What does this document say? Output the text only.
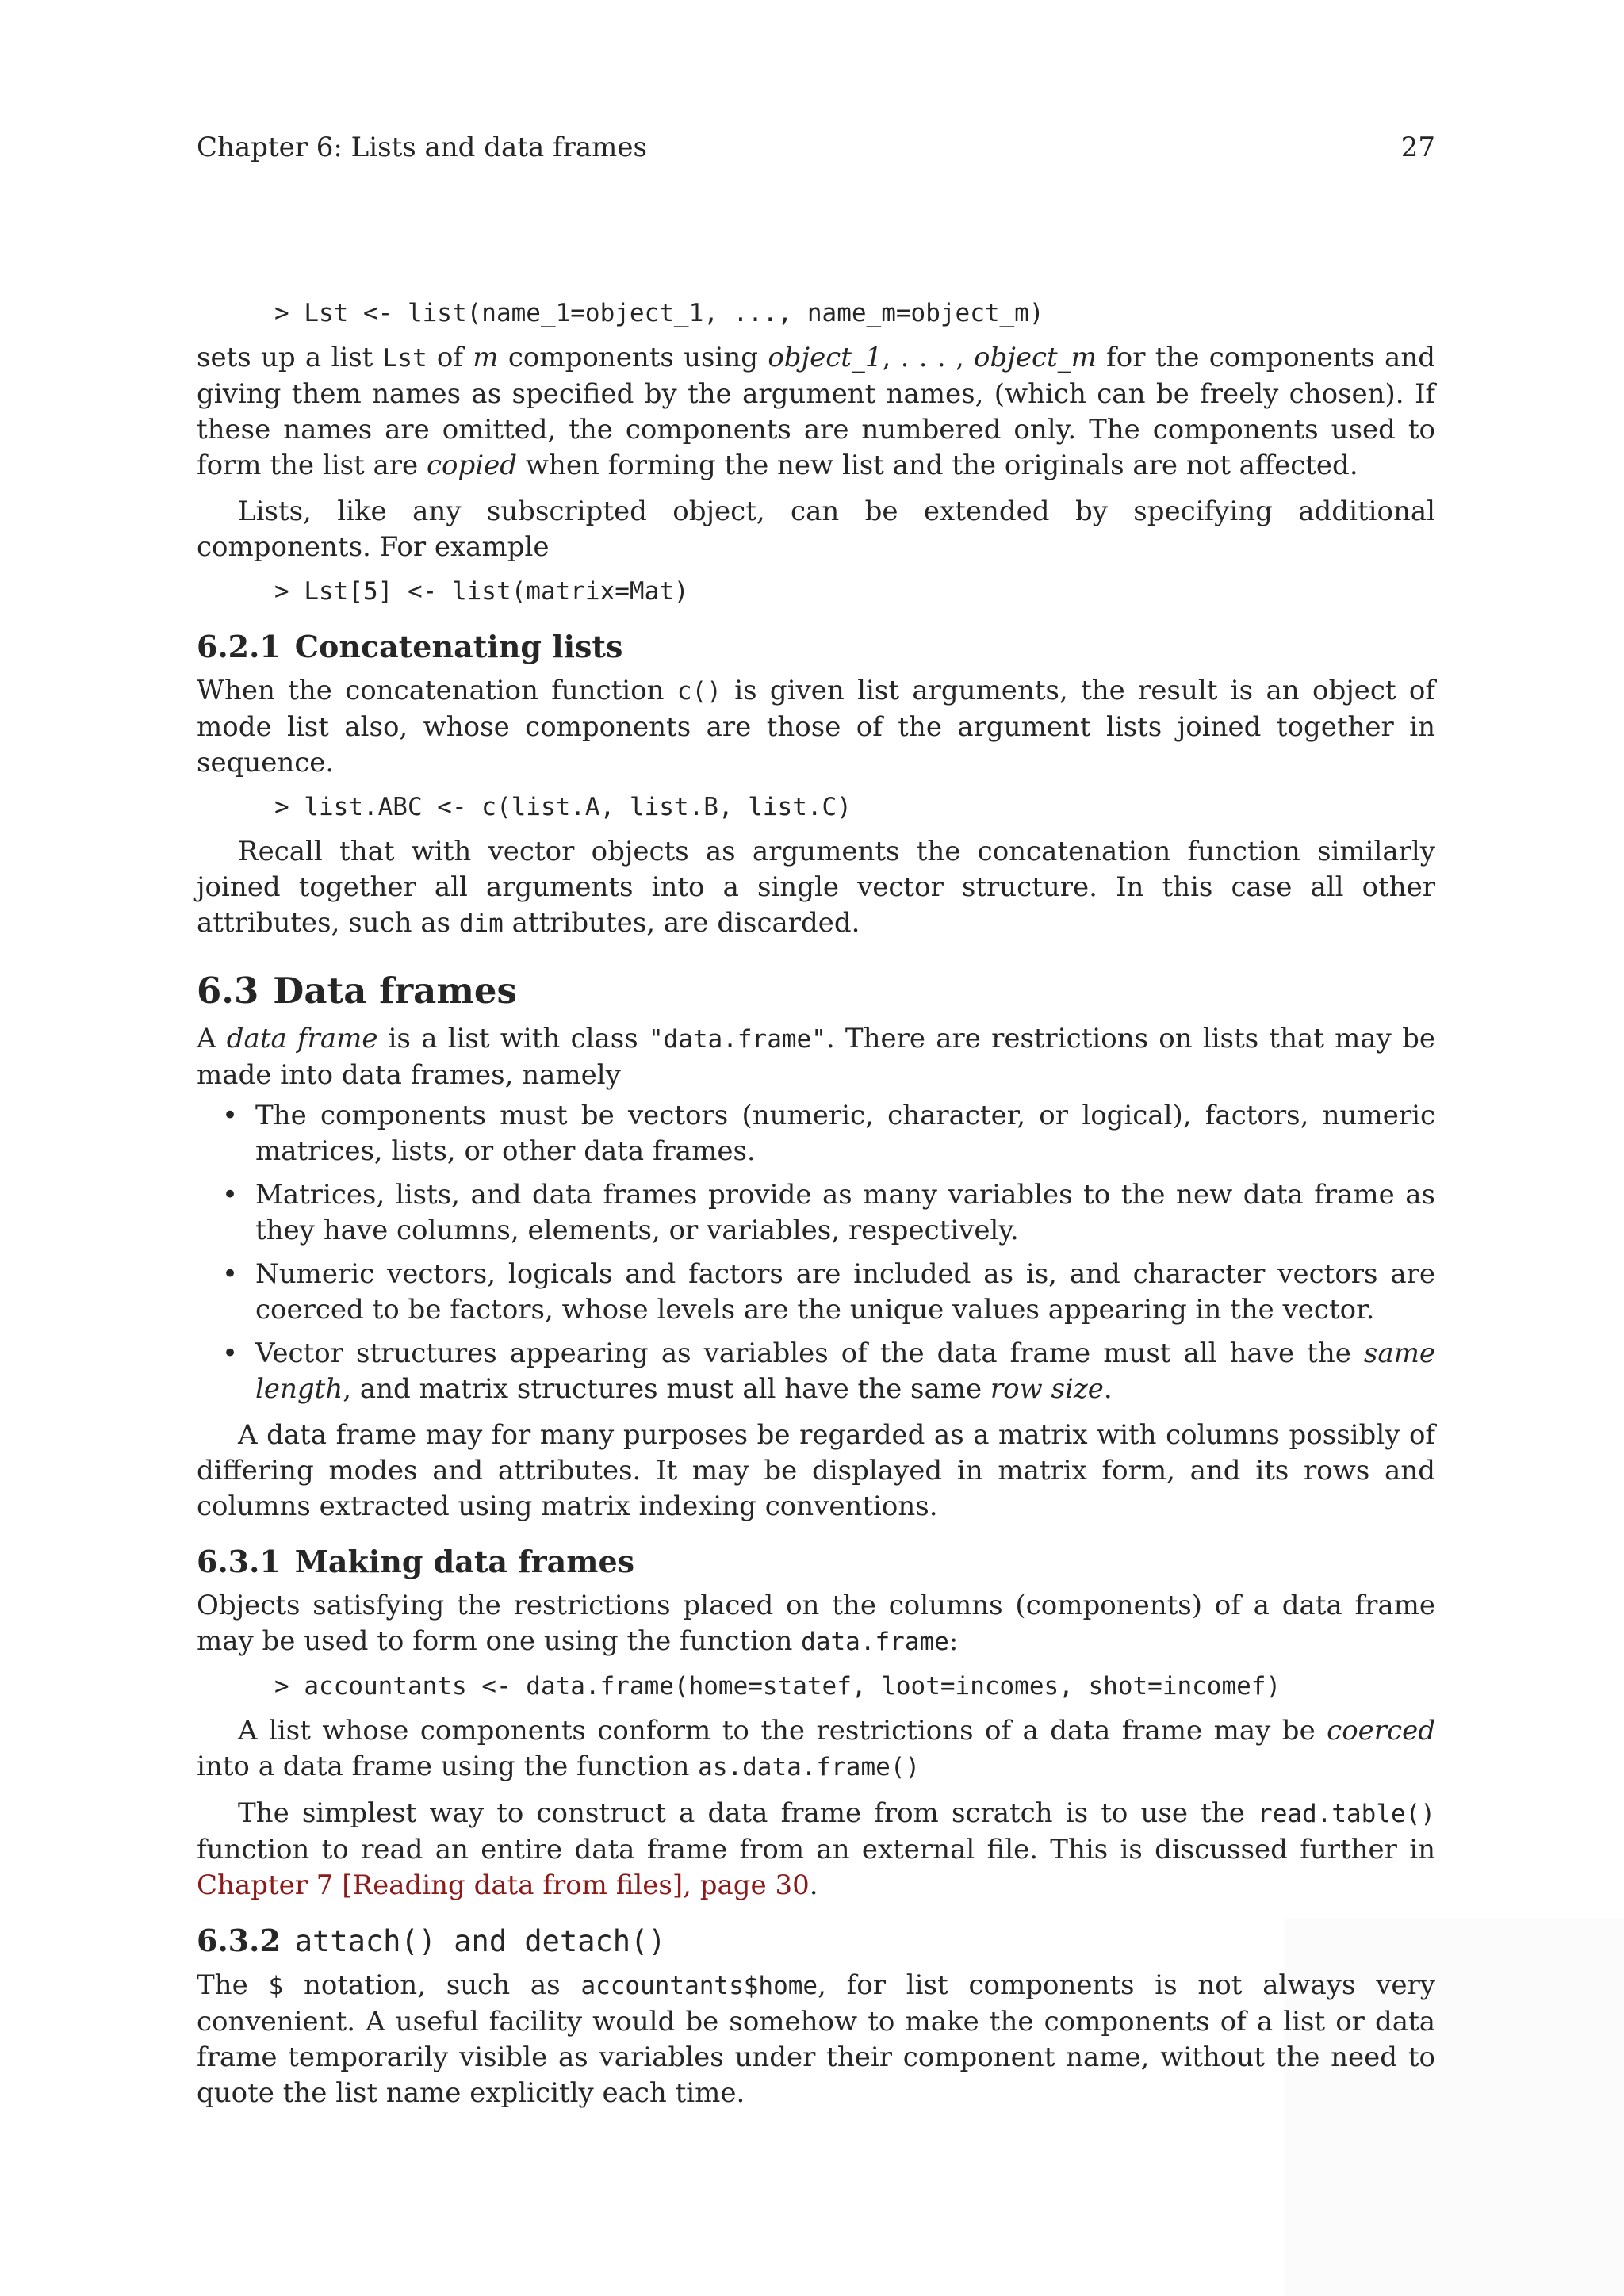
Chapter 6: Lists and data frames	27
> Lst <- list(name_1=object_1, ..., name_m=object_m)

sets up a list Lst of m components using object_1, . . . , object_m for the components and giving them names as specified by the argument names, (which can be freely chosen). If these names are omitted, the components are numbered only. The components used to form the list are copied when forming the new list and the originals are not affected.

Lists, like any subscripted object, can be extended by specifying additional components. For example

> Lst[5] <- list(matrix=Mat)
6.2.1 Concatenating lists

When the concatenation function c() is given list arguments, the result is an object of mode list also, whose components are those of the argument lists joined together in sequence.

> list.ABC <- c(list.A, list.B, list.C)

Recall that with vector objects as arguments the concatenation function similarly joined together all arguments into a single vector structure. In this case all other attributes, such as dim attributes, are discarded.

6.3 Data frames

A data frame is a list with class "data.frame". There are restrictions on lists that may be made into data frames, namely

• The components must be vectors (numeric, character, or logical), factors, numeric matrices, lists, or other data frames.
• Matrices, lists, and data frames provide as many variables to the new data frame as they have columns, elements, or variables, respectively.
• Numeric vectors, logicals and factors are included as is, and character vectors are coerced to be factors, whose levels are the unique values appearing in the vector.
• Vector structures appearing as variables of the data frame must all have the same length, and matrix structures must all have the same row size.

A data frame may for many purposes be regarded as a matrix with columns possibly of differing modes and attributes. It may be displayed in matrix form, and its rows and columns extracted using matrix indexing conventions.

6.3.1 Making data frames

Objects satisfying the restrictions placed on the columns (components) of a data frame may be used to form one using the function data.frame:

> accountants <- data.frame(home=statef, loot=incomes, shot=incomef)

A list whose components conform to the restrictions of a data frame may be coerced into a data frame using the function as.data.frame()

The simplest way to construct a data frame from scratch is to use the read.table() function to read an entire data frame from an external file. This is discussed further in Chapter 7 [Reading data from files], page 30.

6.3.2 attach() and detach()

The $ notation, such as accountants$home, for list components is not always very convenient. A useful facility would be somehow to make the components of a list or data frame temporarily visible as variables under their component name, without the need to quote the list name explicitly each time.
